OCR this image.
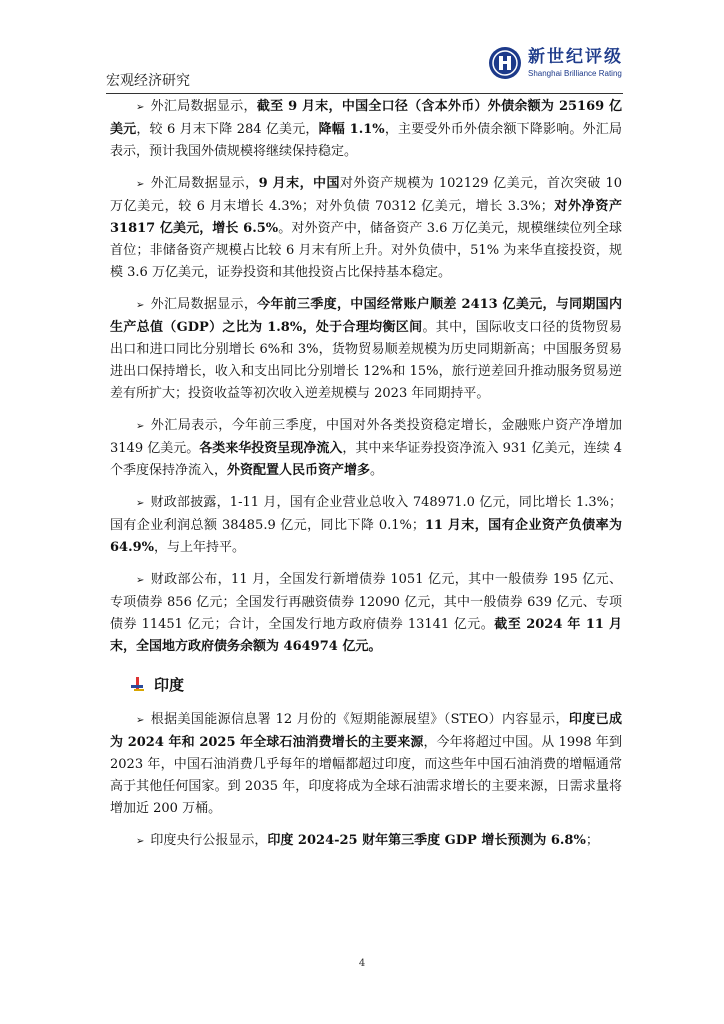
宏观经济研究
新世纪评级
Shanghai Brilliance Rating
➢ 外汇局数据显示，截至 9 月末，中国全口径（含本外币）外债余额为 25169 亿美元，较 6 月末下降 284 亿美元，降幅 1.1%，主要受外币外债余额下降影响。外汇局表示，预计我国外债规模将继续保持稳定。
➢ 外汇局数据显示，9 月末，中国对外资产规模为 102129 亿美元，首次突破 10 万亿美元，较 6 月末增长 4.3%；对外负债 70312 亿美元，增长 3.3%；对外净资产 31817 亿美元，增长 6.5%。对外资产中，储备资产 3.6 万亿美元，规模继续位列全球首位；非储备资产规模占比较 6 月末有所上升。对外负债中，51% 为来华直接投资，规模 3.6 万亿美元，证券投资和其他投资占比保持基本稳定。
➢ 外汇局数据显示，今年前三季度，中国经常账户顺差 2413 亿美元，与同期国内生产总值（GDP）之比为 1.8%，处于合理均衡区间。其中，国际收支口径的货物贸易出口和进口同比分别增长 6%和 3%，货物贸易顺差规模为历史同期新高；中国服务贸易进出口保持增长，收入和支出同比分别增长 12%和 15%，旅行逆差回升推动服务贸易逆差有所扩大；投资收益等初次收入逆差规模与 2023 年同期持平。
➢ 外汇局表示，今年前三季度，中国对外各类投资稳定增长，金融账户资产净增加 3149 亿美元。各类来华投资呈现净流入，其中来华证券投资净流入 931 亿美元，连续 4 个季度保持净流入，外资配置人民币资产增多。
➢ 财政部披露，1-11 月，国有企业营业总收入 748971.0 亿元，同比增长 1.3%；国有企业利润总额 38485.9 亿元，同比下降 0.1%；11 月末，国有企业资产负债率为 64.9%，与上年持平。
➢ 财政部公布，11 月，全国发行新增债券 1051 亿元，其中一般债券 195 亿元、专项债券 856 亿元；全国发行再融资债券 12090 亿元，其中一般债券 639 亿元、专项债券 11451 亿元；合计，全国发行地方政府债券 13141 亿元。截至 2024 年 11 月末，全国地方政府债务余额为 464974 亿元。
印度
➢ 根据美国能源信息署 12 月份的《短期能源展望》（STEO）内容显示，印度已成为 2024 年和 2025 年全球石油消费增长的主要来源，今年将超过中国。从 1998 年到 2023 年，中国石油消费几乎每年的增幅都超过印度，而这些年中国石油消费的增幅通常高于其他任何国家。到 2035 年，印度将成为全球石油需求增长的主要来源，日需求量将增加近 200 万桶。
➢ 印度央行公报显示，印度 2024-25 财年第三季度 GDP 增长预测为 6.8%；
4
